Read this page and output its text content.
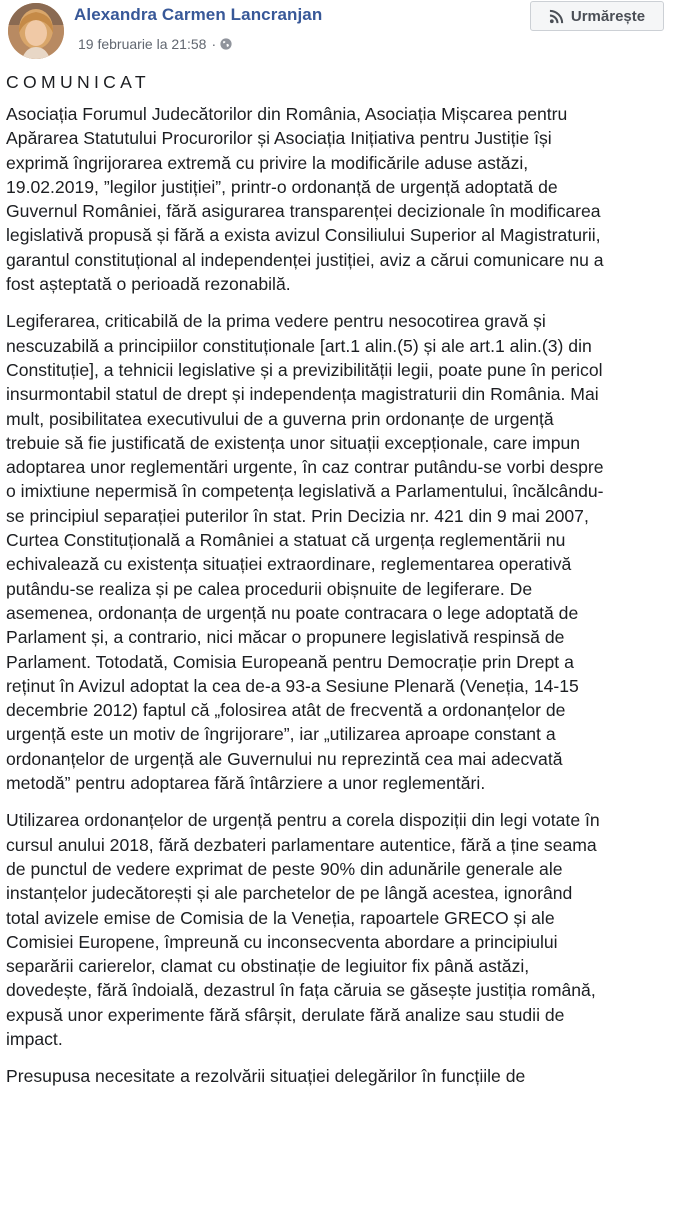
Alexandra Carmen Lancranjan
19 februarie la 21:58 ·
Urmărește
COMUNICAT
Asociația Forumul Judecătorilor din România, Asociația Mișcarea pentru
Apărarea Statutului Procurorilor și Asociația Inițiativa pentru Justiție își
exprimă îngrijorarea extremă cu privire la modificările aduse astăzi,
19.02.2019, ”legilor justiției”, printr-o ordonanță de urgență adoptată de
Guvernul României, fără asigurarea transparenței decizionale în modificarea
legislativă propusă și fără a exista avizul Consiliului Superior al Magistraturii,
garantul constituțional al independenței justiției, aviz a cărui comunicare nu a
fost așteptată o perioadă rezonabilă.
Legiferarea, criticabilă de la prima vedere pentru nesocotirea gravă și
nescuzabilă a principiilor constituționale [art.1 alin.(5) și ale art.1 alin.(3) din
Constituție], a tehnicii legislative și a previzibilității legii, poate pune în pericol
insurmontabil statul de drept și independența magistraturii din România. Mai
mult, posibilitatea executivului de a guverna prin ordonanțe de urgență
trebuie să fie justificată de existența unor situații excepționale, care impun
adoptarea unor reglementări urgente, în caz contrar putându-se vorbi despre
o imixtiune nepermisă în competența legislativă a Parlamentului, încălcându-
se principiul separației puterilor în stat. Prin Decizia nr. 421 din 9 mai 2007,
Curtea Constituțională a României a statuat că urgența reglementării nu
echivalează cu existența situației extraordinare, reglementarea operativă
putându-se realiza și pe calea procedurii obișnuite de legiferare. De
asemenea, ordonanța de urgență nu poate contracara o lege adoptată de
Parlament și, a contrario, nici măcar o propunere legislativă respinsă de
Parlament. Totodată, Comisia Europeană pentru Democrație prin Drept a
reținut în Avizul adoptat la cea de-a 93-a Sesiune Plenară (Veneția, 14-15
decembrie 2012) faptul că „folosirea atât de frecventă a ordonanțelor de
urgență este un motiv de îngrijorare”, iar „utilizarea aproape constant a
ordonanțelor de urgență ale Guvernului nu reprezintă cea mai adecvată
metodă” pentru adoptarea fără întârziere a unor reglementări.
Utilizarea ordonanțelor de urgență pentru a corela dispoziții din legi votate în
cursul anului 2018, fără dezbateri parlamentare autentice, fără a ține seama
de punctul de vedere exprimat de peste 90% din adunările generale ale
instanțelor judecătorești și ale parchetelor de pe lângă acestea, ignorând
total avizele emise de Comisia de la Veneția, rapoartele GRECO și ale
Comisiei Europene, împreună cu inconsecventa abordare a principiului
separării carierelor, clamat cu obstinație de legiuitor fix până astăzi,
dovedește, fără îndoială, dezastrul în fața căruia se găsește justiția română,
expusă unor experimente fără sfârșit, derulate fără analize sau studii de
impact.
Presupusa necesitate a rezolvării situației delegărilor în funcțiile de
